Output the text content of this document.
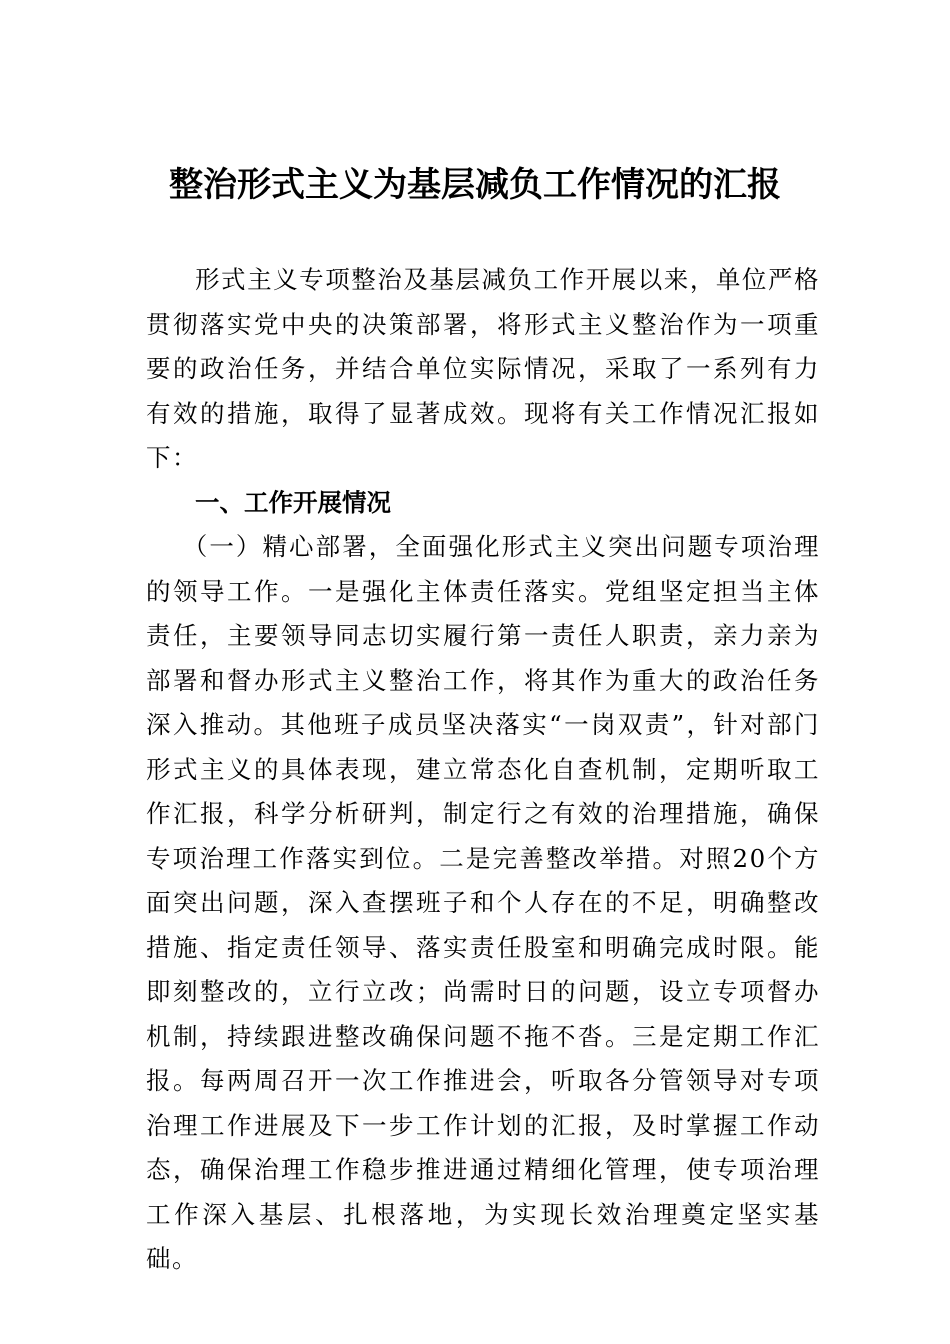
整治形式主义为基层减负工作情况的汇报

形式主义专项整治及基层减负工作开展以来，单位严格贯彻落实党中央的决策部署，将形式主义整治作为一项重要的政治任务，并结合单位实际情况，采取了一系列有力有效的措施，取得了显著成效。现将有关工作情况汇报如下：

一、工作开展情况

（一）精心部署，全面强化形式主义突出问题专项治理的领导工作。一是强化主体责任落实。党组坚定担当主体责任，主要领导同志切实履行第一责任人职责，亲力亲为部署和督办形式主义整治工作，将其作为重大的政治任务深入推动。其他班子成员坚决落实“一岗双责”，针对部门形式主义的具体表现，建立常态化自查机制，定期听取工作汇报，科学分析研判，制定行之有效的治理措施，确保专项治理工作落实到位。二是完善整改举措。对照20个方面突出问题，深入查摆班子和个人存在的不足，明确整改措施、指定责任领导、落实责任股室和明确完成时限。能即刻整改的，立行立改；尚需时日的问题，设立专项督办机制，持续跟进整改确保问题不拖不沓。三是定期工作汇报。每两周召开一次工作推进会，听取各分管领导对专项治理工作进展及下一步工作计划的汇报，及时掌握工作动态，确保治理工作稳步推进通过精细化管理，使专项治理工作深入基层、扎根落地，为实现长效治理奠定坚实基础。
